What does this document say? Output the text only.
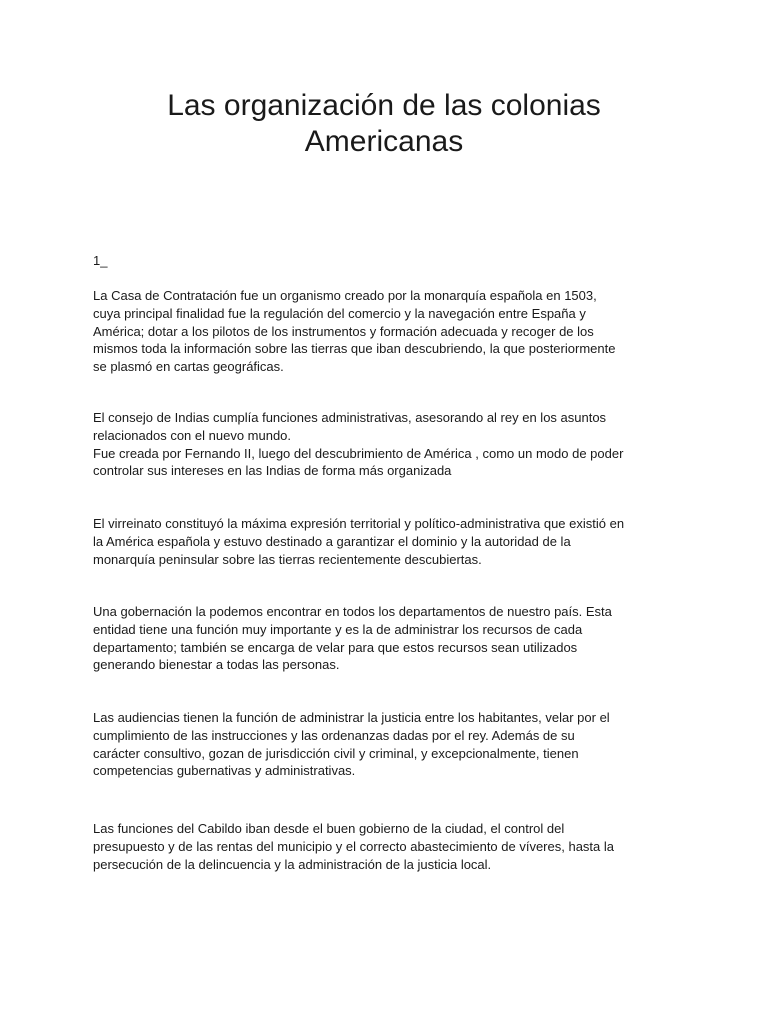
Las organización de las colonias
Americanas

1_

La Casa de Contratación fue un organismo creado por la monarquía española en 1503,
cuya principal finalidad fue la regulación del comercio y la navegación entre España y
América; dotar a los pilotos de los instrumentos y formación adecuada y recoger de los
mismos toda la información sobre las tierras que iban descubriendo, la que posteriormente
se plasmó en cartas geográficas.

El consejo de Indias cumplía funciones administrativas, asesorando al rey en los asuntos
relacionados con el nuevo mundo.
Fue creada por Fernando II, luego del descubrimiento de América , como un modo de poder
controlar sus intereses en las Indias de forma más organizada

El virreinato constituyó la máxima expresión territorial y político-administrativa que existió en
la América española y estuvo destinado a garantizar el dominio y la autoridad de la
monarquía peninsular sobre las tierras recientemente descubiertas.

Una gobernación la podemos encontrar en todos los departamentos de nuestro país. Esta
entidad tiene una función muy importante y es la de administrar los recursos de cada
departamento; también se encarga de velar para que estos recursos sean utilizados
generando bienestar a todas las personas.

Las audiencias tienen la función de administrar la justicia entre los habitantes, velar por el
cumplimiento de las instrucciones y las ordenanzas dadas por el rey. Además de su
carácter consultivo, gozan de jurisdicción civil y criminal, y excepcionalmente, tienen
competencias gubernativas y administrativas.

Las funciones del Cabildo iban desde el buen gobierno de la ciudad, el control del
presupuesto y de las rentas del municipio y el correcto abastecimiento de víveres, hasta la
persecución de la delincuencia y la administración de la justicia local.
